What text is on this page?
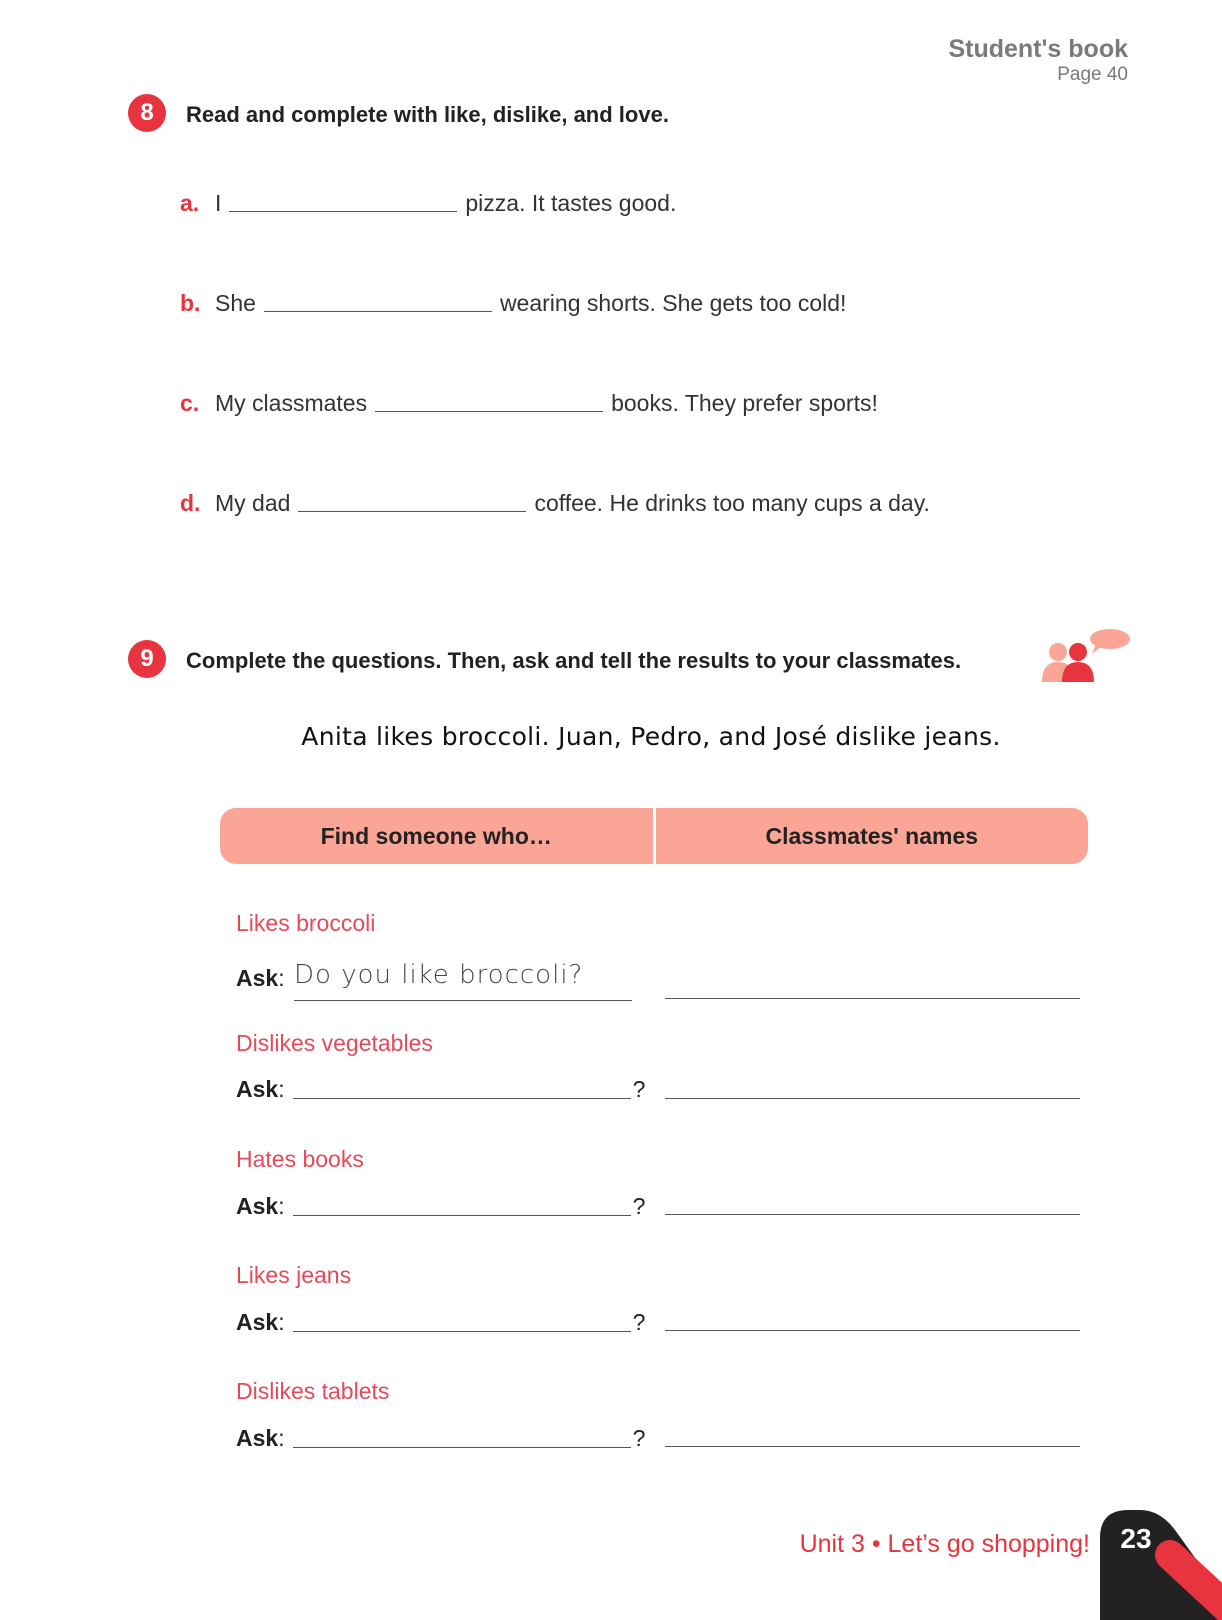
Student's book
Page 40
8	Read and complete with like, dislike, and love.
a. I	pizza. It tastes good.
b. She	wearing shorts. She gets too cold!
c. My classmates	books. They prefer sports!
d. My dad	coffee. He drinks too many cups a day.
9	Complete the questions. Then, ask and tell the results to your classmates.
Anita likes broccoli. Juan, Pedro, and José dislike jeans.
Find someone who…	Classmates' names
Likes broccoli
Ask : Do you like broccoli?
Dislikes vegetables
Ask :	?
Hates books
Ask :	?
Likes jeans
Ask :	?
Dislikes tablets
Ask :	?
Unit 3 • Let’s go shopping! 23
